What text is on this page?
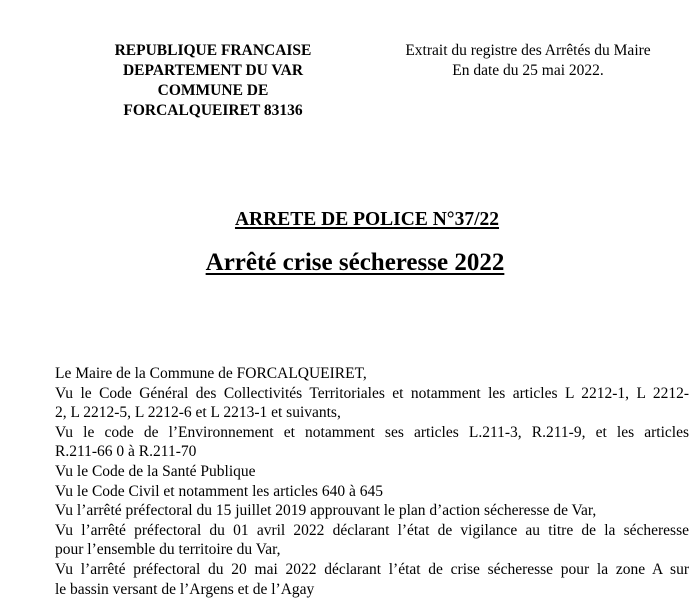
REPUBLIQUE FRANCAISE
DEPARTEMENT DU VAR
COMMUNE DE
FORCALQUEIRET 83136
Extrait du registre des Arrêtés du Maire
En date du 25 mai 2022.
ARRETE DE POLICE N°37/22
Arrêté crise sécheresse 2022
Le Maire de la Commune de FORCALQUEIRET,
Vu le Code Général des Collectivités Territoriales et notamment les articles L 2212-1, L 2212-
2, L 2212-5, L 2212-6 et L 2213-1 et suivants,
Vu le code de l’Environnement et notamment ses articles L.211-3, R.211-9, et les articles
R.211-66 0 à R.211-70
Vu le Code de la Santé Publique
Vu le Code Civil et notamment les articles 640 à 645
Vu l’arrêté préfectoral du 15 juillet 2019 approuvant le plan d’action sécheresse de Var,
Vu l’arrêté préfectoral du 01 avril 2022 déclarant l’état de vigilance au titre de la sécheresse
pour l’ensemble du territoire du Var,
Vu l’arrêté préfectoral du 20 mai 2022 déclarant l’état de crise sécheresse pour la zone A sur
le bassin versant de l’Argens et de l’Agay
